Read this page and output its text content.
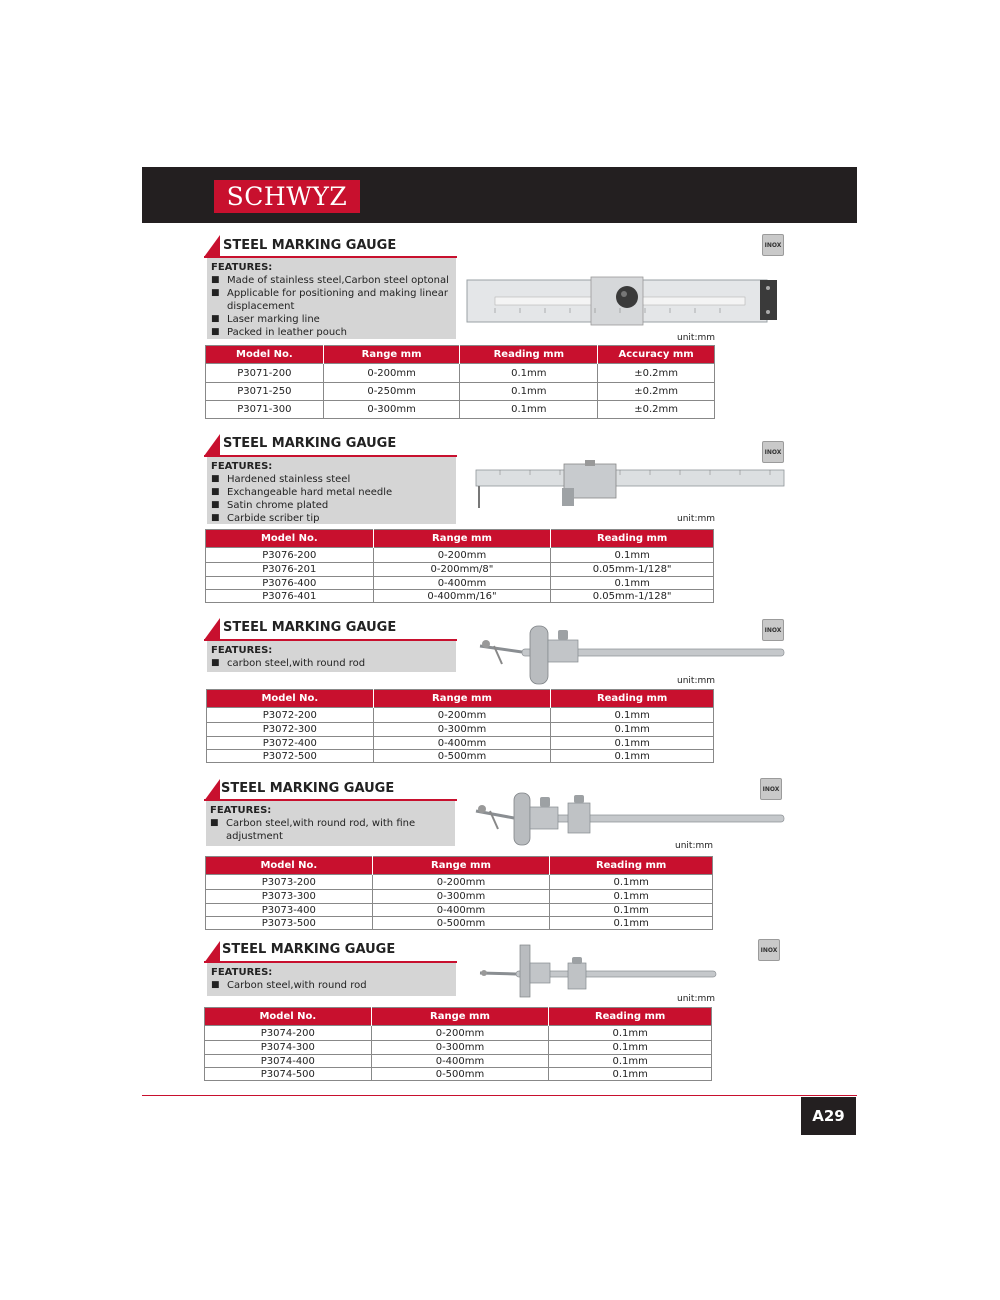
SCHWYZ
STEEL MARKING GAUGE
FEATURES:
■ Made of stainless steel,Carbon steel optonal
■ Applicable for positioning and making linear displacement
■ Laser marking line
■ Packed in leather pouch
INOX
unit:mm
Model No.	Range mm	Reading mm	Accuracy mm
P3071-200	0-200mm	0.1mm	±0.2mm
P3071-250	0-250mm	0.1mm	±0.2mm
P3071-300	0-300mm	0.1mm	±0.2mm
STEEL MARKING GAUGE
FEATURES:
■ Hardened stainless steel
■ Exchangeable hard metal needle
■ Satin chrome plated
■ Carbide scriber tip
INOX
unit:mm
Model No.	Range mm	Reading mm
P3076-200	0-200mm	0.1mm
P3076-201	0-200mm/8"	0.05mm-1/128"
P3076-400	0-400mm	0.1mm
P3076-401	0-400mm/16"	0.05mm-1/128"
STEEL MARKING GAUGE
FEATURES:
■ carbon steel,with round rod
INOX
unit:mm
Model No.	Range mm	Reading mm
P3072-200	0-200mm	0.1mm
P3072-300	0-300mm	0.1mm
P3072-400	0-400mm	0.1mm
P3072-500	0-500mm	0.1mm
STEEL MARKING GAUGE
FEATURES:
■ Carbon steel,with round rod, with fine adjustment
INOX
unit:mm
Model No.	Range mm	Reading mm
P3073-200	0-200mm	0.1mm
P3073-300	0-300mm	0.1mm
P3073-400	0-400mm	0.1mm
P3073-500	0-500mm	0.1mm
STEEL MARKING GAUGE
FEATURES:
■ Carbon steel,with round rod
INOX
unit:mm
Model No.	Range mm	Reading mm
P3074-200	0-200mm	0.1mm
P3074-300	0-300mm	0.1mm
P3074-400	0-400mm	0.1mm
P3074-500	0-500mm	0.1mm
A29
